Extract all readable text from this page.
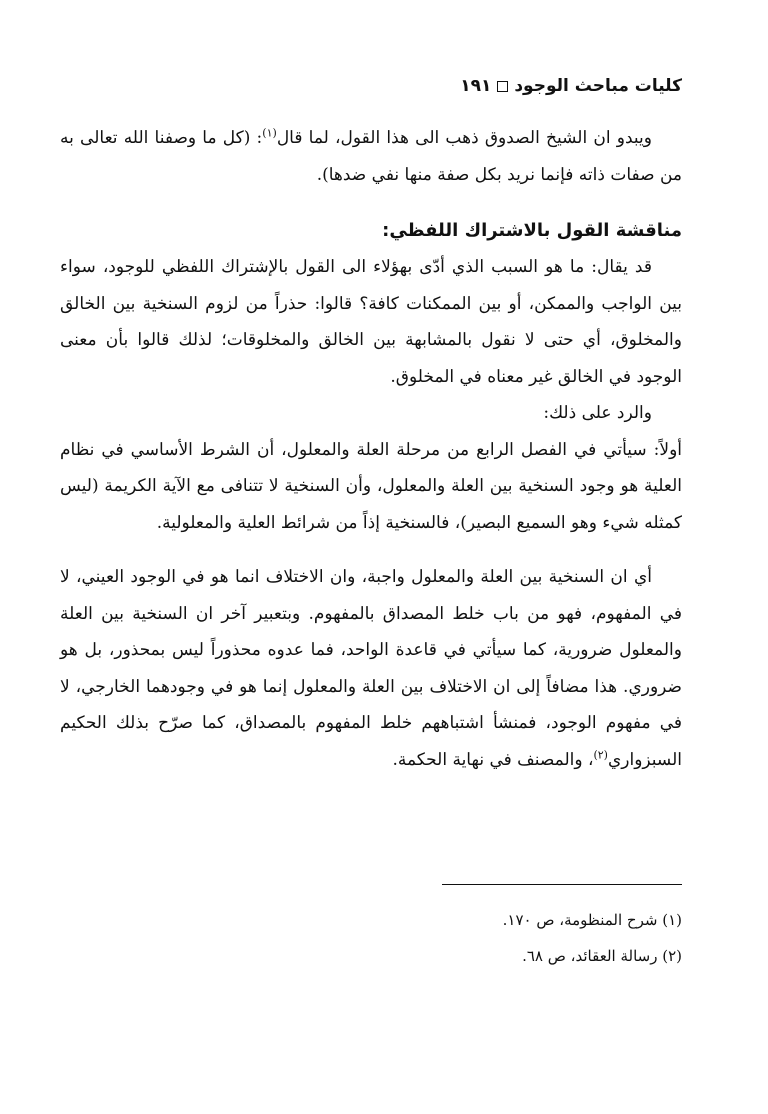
كليات مباحث الوجود
١٩١

ويبدو ان الشيخ الصدوق ذهب الى هذا القول، لما قال$^{(١)}$: (كل ما وصفنا الله تعالى به من صفات ذاته فإنما نريد بكل صفة منها نفي ضدها).

مناقشة القول بالاشتراك اللفظي:

قد يقال: ما هو السبب الذي أدّى بهؤلاء الى القول بالإشتراك اللفظي للوجود، سواء بين الواجب والممكن، أو بين الممكنات كافة؟ قالوا: حذراً من لزوم السنخية بين الخالق والمخلوق، أي حتى لا نقول بالمشابهة بين الخالق والمخلوقات؛ لذلك قالوا بأن معنى الوجود في الخالق غير معناه في المخلوق.

والرد على ذلك:

أولاً: سيأتي في الفصل الرابع من مرحلة العلة والمعلول، أن الشرط الأساسي في نظام العلية هو وجود السنخية بين العلة والمعلول، وأن السنخية لا تتنافى مع الآية الكريمة (ليس كمثله شيء وهو السميع البصير)، فالسنخية إذاً من شرائط العلية والمعلولية.

أي ان السنخية بين العلة والمعلول واجبة، وان الاختلاف انما هو في الوجود العيني، لا في المفهوم، فهو من باب خلط المصداق بالمفهوم. وبتعبير آخر ان السنخية بين العلة والمعلول ضرورية، كما سيأتي في قاعدة الواحد، فما عدوه محذوراً ليس بمحذور، بل هو ضروري. هذا مضافاً إلى ان الاختلاف بين العلة والمعلول إنما هو في وجودهما الخارجي، لا في مفهوم الوجود، فمنشأ اشتباههم خلط المفهوم بالمصداق، كما صرّح بذلك الحكيم السبزواري$^{(٢)}$، والمصنف في نهاية الحكمة.

(١) شرح المنظومة، ص ١٧٠.

(٢) رسالة العقائد، ص ٦٨.
